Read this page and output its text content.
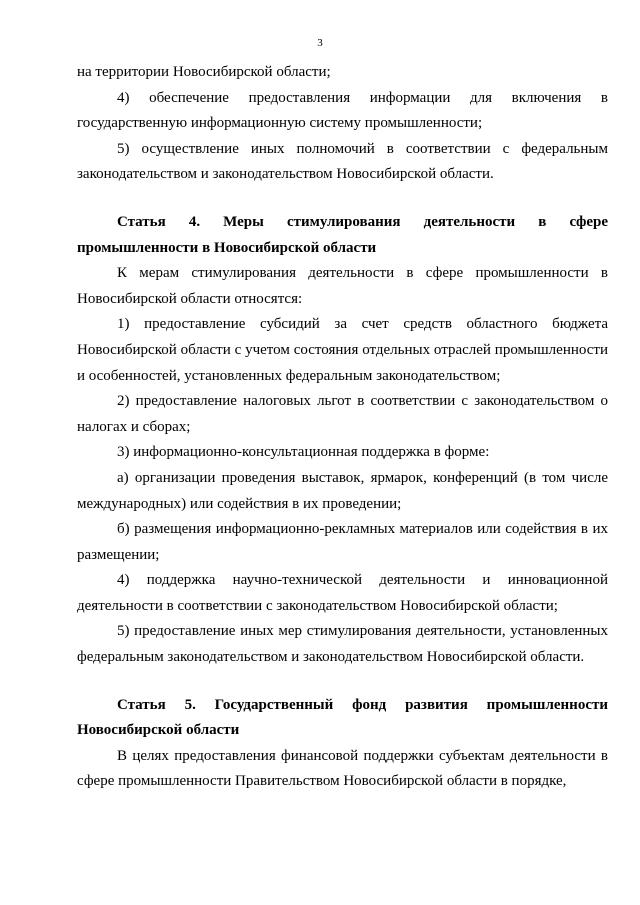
3

на территории Новосибирской области;

4) обеспечение предоставления информации для включения в государственную информационную систему промышленности;

5) осуществление иных полномочий в соответствии с федеральным законодательством и законодательством Новосибирской области.

Статья 4. Меры стимулирования деятельности в сфере промышленности в Новосибирской области

К мерам стимулирования деятельности в сфере промышленности в Новосибирской области относятся:

1) предоставление субсидий за счет средств областного бюджета Новосибирской области с учетом состояния отдельных отраслей промышленности и особенностей, установленных федеральным законодательством;

2) предоставление налоговых льгот в соответствии с законодательством о налогах и сборах;

3) информационно-консультационная поддержка в форме:

а) организации проведения выставок, ярмарок, конференций (в том числе международных) или содействия в их проведении;

б) размещения информационно-рекламных материалов или содействия в их размещении;

4) поддержка научно-технической деятельности и инновационной деятельности в соответствии с законодательством Новосибирской области;

5) предоставление иных мер стимулирования деятельности, установленных федеральным законодательством и законодательством Новосибирской области.

Статья 5. Государственный фонд развития промышленности Новосибирской области

В целях предоставления финансовой поддержки субъектам деятельности в сфере промышленности Правительством Новосибирской области в порядке,
